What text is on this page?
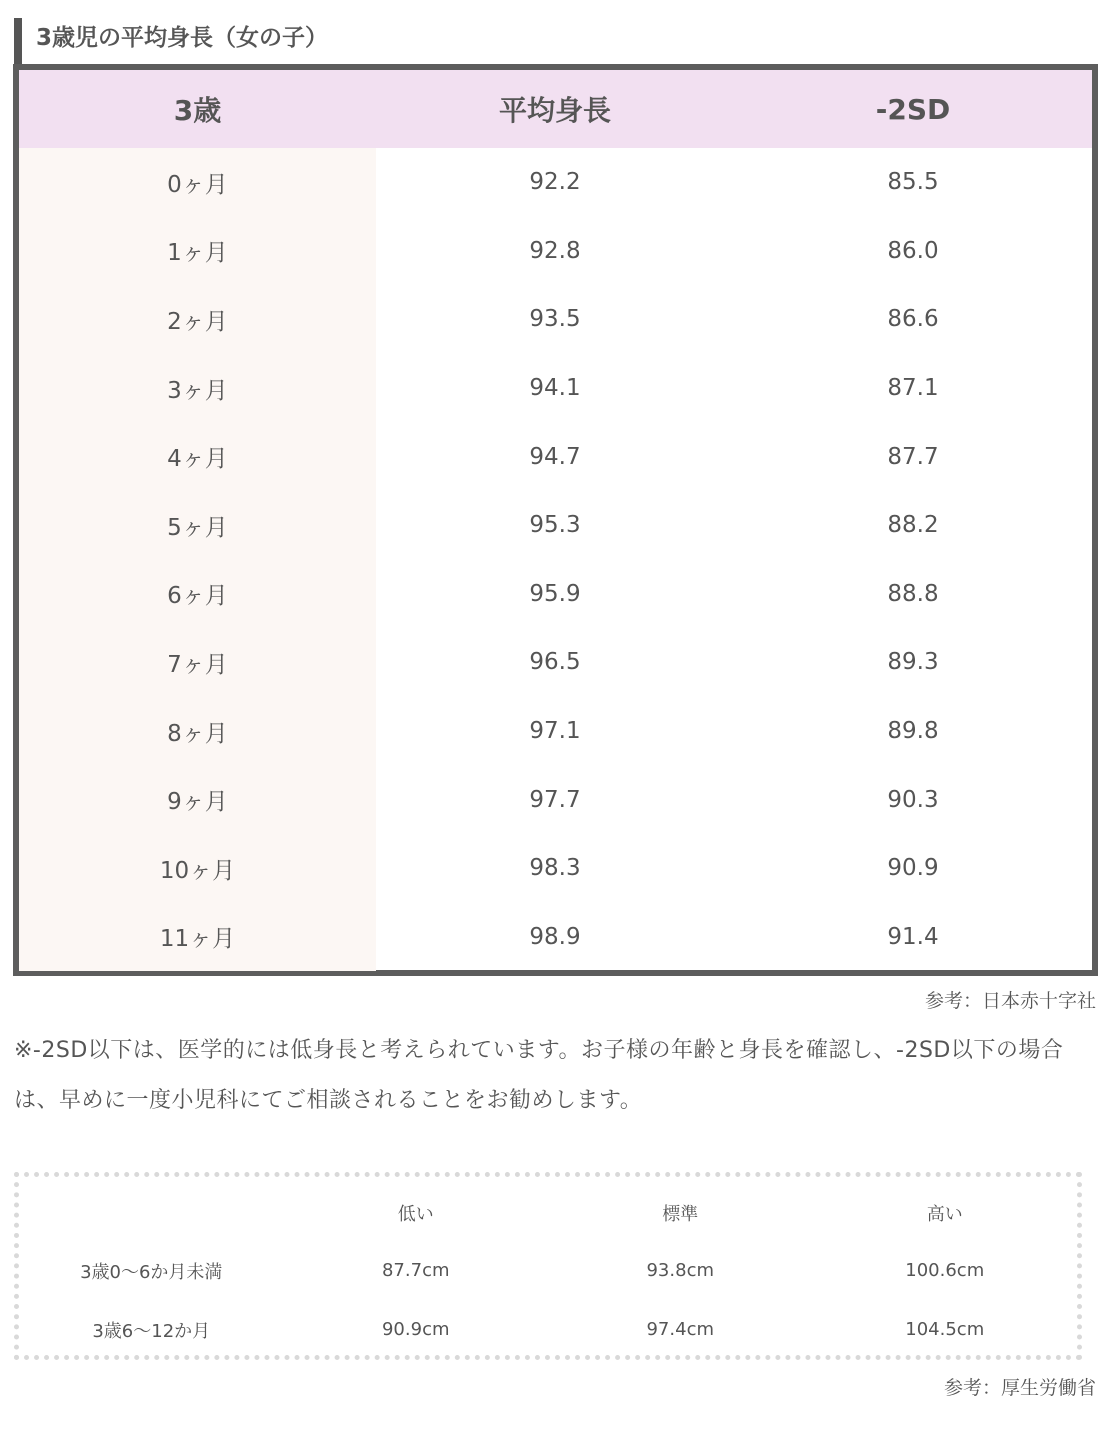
3歳児の平均身長（女の子）
3歳	平均身長	-2SD
0ヶ月	92.2	85.5
1ヶ月	92.8	86.0
2ヶ月	93.5	86.6
3ヶ月	94.1	87.1
4ヶ月	94.7	87.7
5ヶ月	95.3	88.2
6ヶ月	95.9	88.8
7ヶ月	96.5	89.3
8ヶ月	97.1	89.8
9ヶ月	97.7	90.3
10ヶ月	98.3	90.9
11ヶ月	98.9	91.4
参考：日本赤十字社
※-2SD以下は、医学的には低身長と考えられています。お子様の年齢と身長を確認し、-2SD以下の場合は、早めに一度小児科にてご相談されることをお勧めします。
	低い	標準	高い
3歳0〜6か月未満	87.7cm	93.8cm	100.6cm
3歳6〜12か月	90.9cm	97.4cm	104.5cm
参考：厚生労働省
